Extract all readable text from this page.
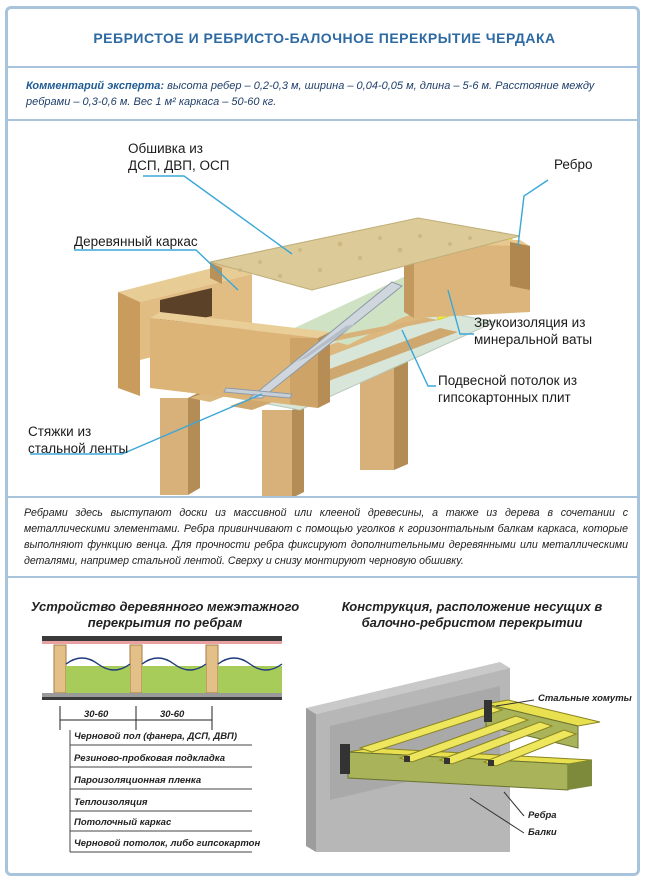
РЕБРИСТОЕ И РЕБРИСТО-БАЛОЧНОЕ ПЕРЕКРЫТИЕ ЧЕРДАКА
Комментарий эксперта: высота ребер – 0,2-0,3 м, ширина – 0,04-0,05 м, длина – 5-6 м. Расстояние между ребрами – 0,3-0,6 м. Вес 1 м² каркаса – 50-60 кг.
Обшивка из
ДСП, ДВП, ОСП	Ребро
Деревянный каркас
Звукоизоляция из
минеральной ваты
Подвесной потолок из
гипсокартонных плит
Стяжки из
стальной ленты
Ребрами здесь выступают доски из массивной или клееной древесины, а также из дерева в сочетании с металлическими элементами. Ребра привинчивают с помощью уголков к горизонтальным балкам каркаса, которые выполняют функцию венца. Для прочности ребра фиксируют дополнительными деревянными или металлическими деталями, например стальной лентой. Сверху и снизу монтируют черновую обшивку.
Устройство деревянного межэтажного
перекрытия по ребрам
30-60	30-60
Черновой пол (фанера, ДСП, ДВП)
Резиново-пробковая подкладка
Пароизоляционная пленка
Теплоизоляция
Потолочный каркас
Черновой потолок, либо гипсокартон
Конструкция, расположение несущих в
балочно-ребристом перекрытии
Стальные хомуты
Ребра
Балки
